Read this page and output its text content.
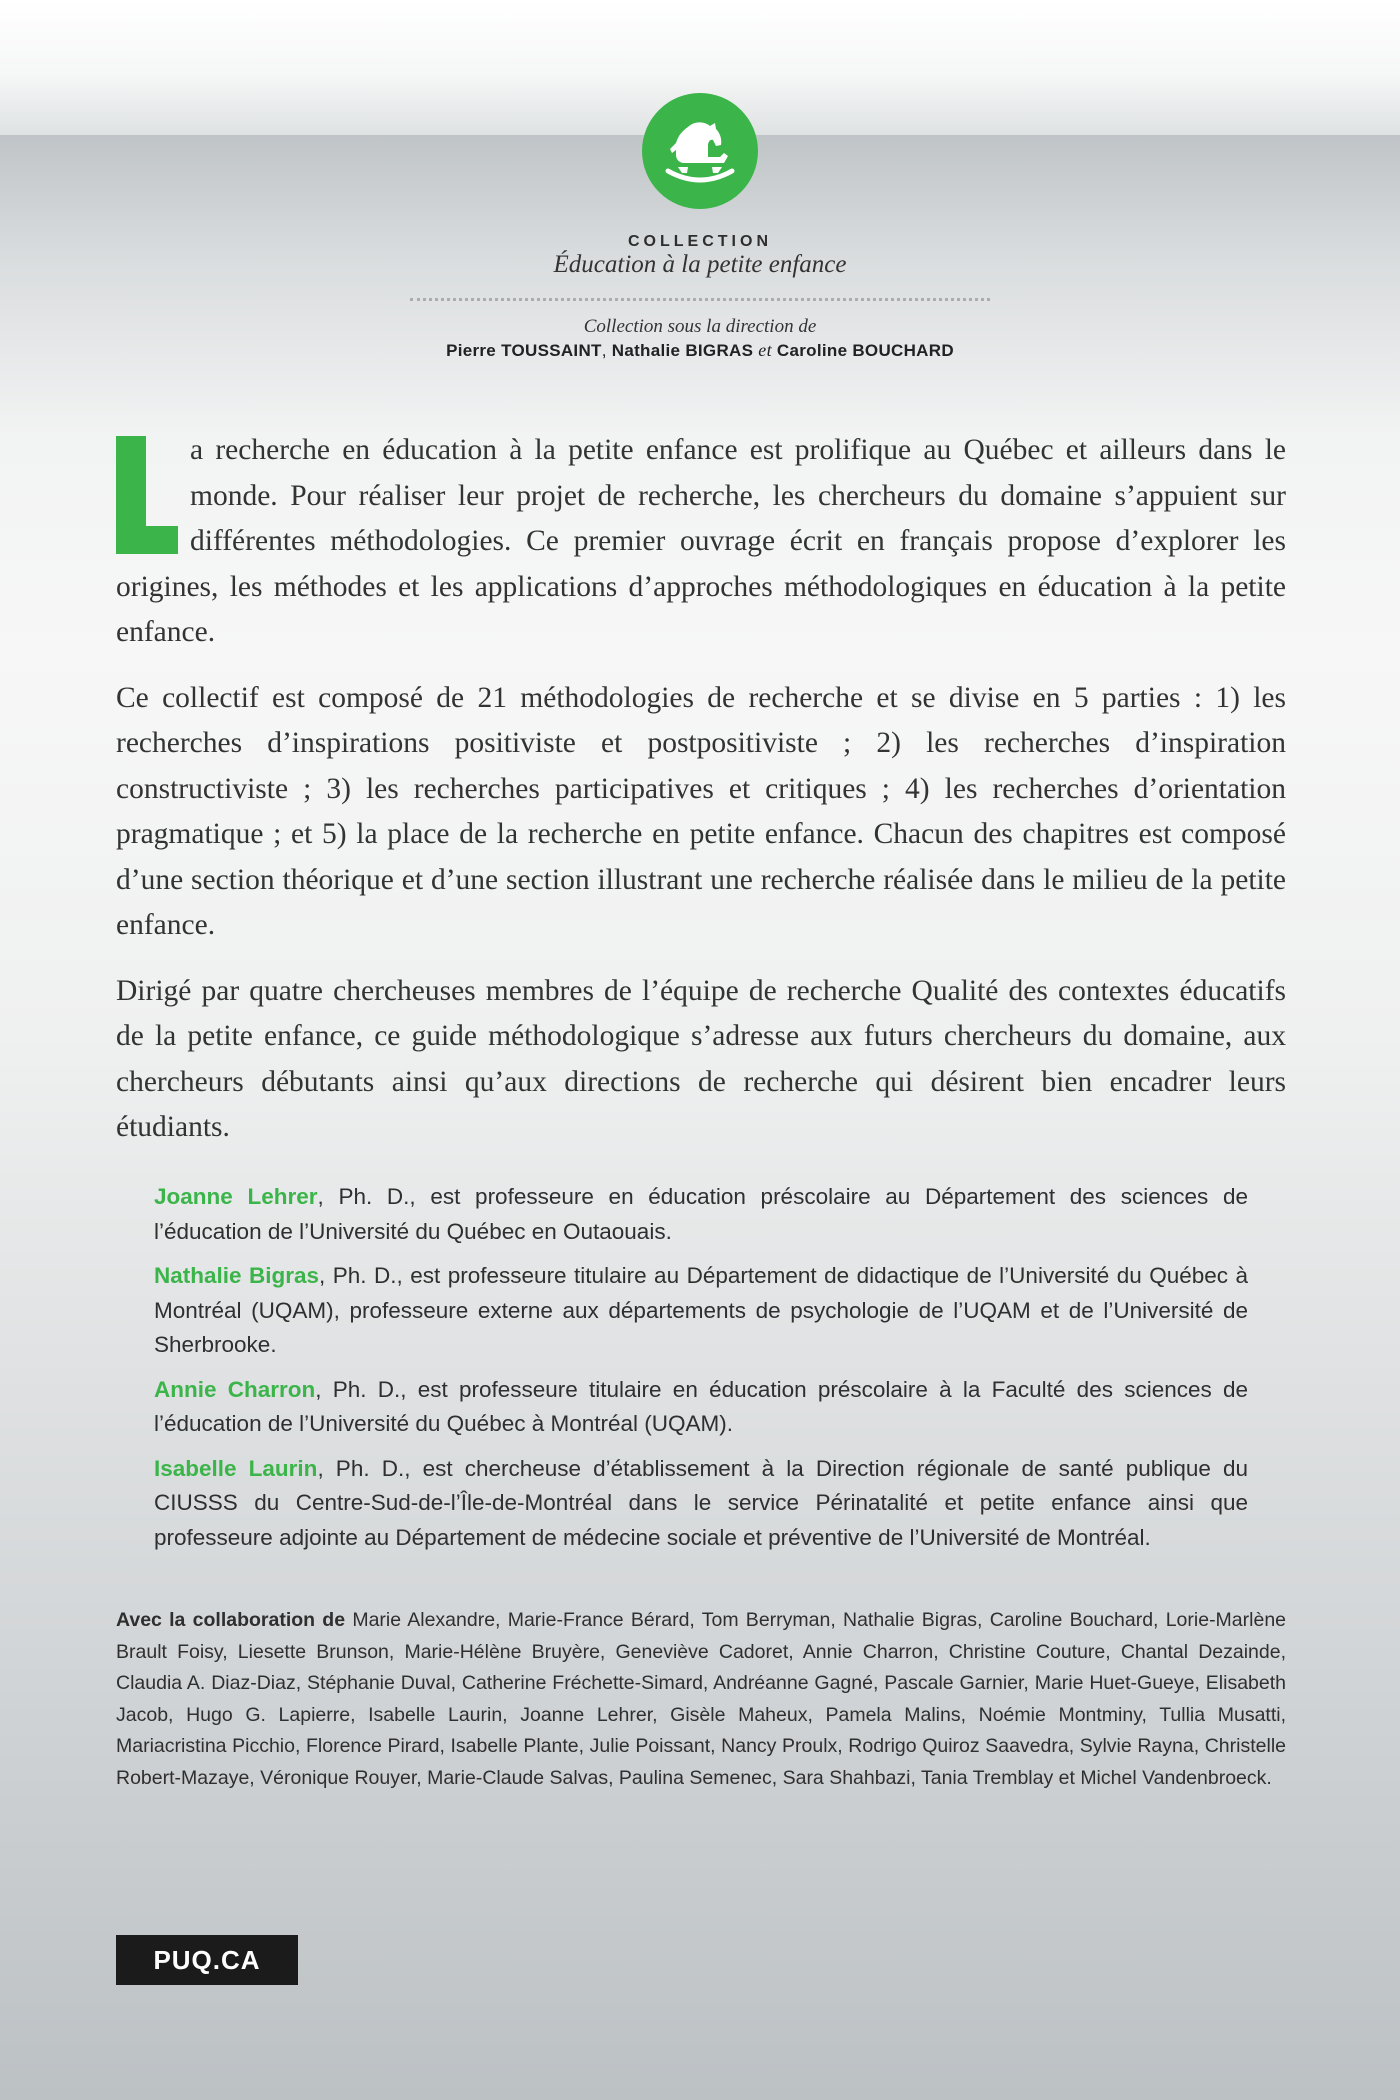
COLLECTION
Éducation à la petite enfance
Collection sous la direction de
Pierre TOUSSAINT, Nathalie BIGRAS et Caroline BOUCHARD

a recherche en éducation à la petite enfance est prolifique au Québec et ailleurs dans le monde. Pour réaliser leur projet de recherche, les chercheurs du domaine s’appuient sur différentes méthodologies. Ce premier ouvrage écrit en français propose d’explorer les origines, les méthodes et les applications d’approches méthodologiques en éducation à la petite enfance.

Ce collectif est composé de 21 méthodologies de recherche et se divise en 5 parties : 1) les recherches d’inspirations positiviste et postpositiviste ; 2) les recherches d’inspiration constructiviste ; 3) les recherches participatives et critiques ; 4) les recherches d’orientation pragmatique ; et 5) la place de la recherche en petite enfance. Chacun des chapitres est composé d’une section théorique et d’une section illustrant une recherche réalisée dans le milieu de la petite enfance.

Dirigé par quatre chercheuses membres de l’équipe de recherche Qualité des contextes éducatifs de la petite enfance, ce guide méthodologique s’adresse aux futurs chercheurs du domaine, aux chercheurs débutants ainsi qu’aux directions de recherche qui désirent bien encadrer leurs étudiants.

Joanne Lehrer, Ph. D., est professeure en éducation préscolaire au Département des sciences de l’éducation de l’Université du Québec en Outaouais.

Nathalie Bigras, Ph. D., est professeure titulaire au Département de didactique de l’Université du Québec à Montréal (UQAM), professeure externe aux départements de psychologie de l’UQAM et de l’Université de Sherbrooke.

Annie Charron, Ph. D., est professeure titulaire en éducation préscolaire à la Faculté des sciences de l’éducation de l’Université du Québec à Montréal (UQAM).

Isabelle Laurin, Ph. D., est chercheuse d’établissement à la Direction régionale de santé publique du CIUSSS du Centre-Sud-de-l’Île-de-Montréal dans le service Périnatalité et petite enfance ainsi que professeure adjointe au Département de médecine sociale et préventive de l’Université de Montréal.

Avec la collaboration de Marie Alexandre, Marie-France Bérard, Tom Berryman, Nathalie Bigras, Caroline Bouchard, Lorie-Marlène Brault Foisy, Liesette Brunson, Marie-Hélène Bruyère, Geneviève Cadoret, Annie Charron, Christine Couture, Chantal Dezainde, Claudia A. Diaz-Diaz, Stéphanie Duval, Catherine Fréchette-Simard, Andréanne Gagné, Pascale Garnier, Marie Huet-Gueye, Elisabeth Jacob, Hugo G. Lapierre, Isabelle Laurin, Joanne Lehrer, Gisèle Maheux, Pamela Malins, Noémie Montminy, Tullia Musatti, Mariacristina Picchio, Florence Pirard, Isabelle Plante, Julie Poissant, Nancy Proulx, Rodrigo Quiroz Saavedra, Sylvie Rayna, Christelle Robert-Mazaye, Véronique Rouyer, Marie-Claude Salvas, Paulina Semenec, Sara Shahbazi, Tania Tremblay et Michel Vandenbroeck.
PUQ.CA
